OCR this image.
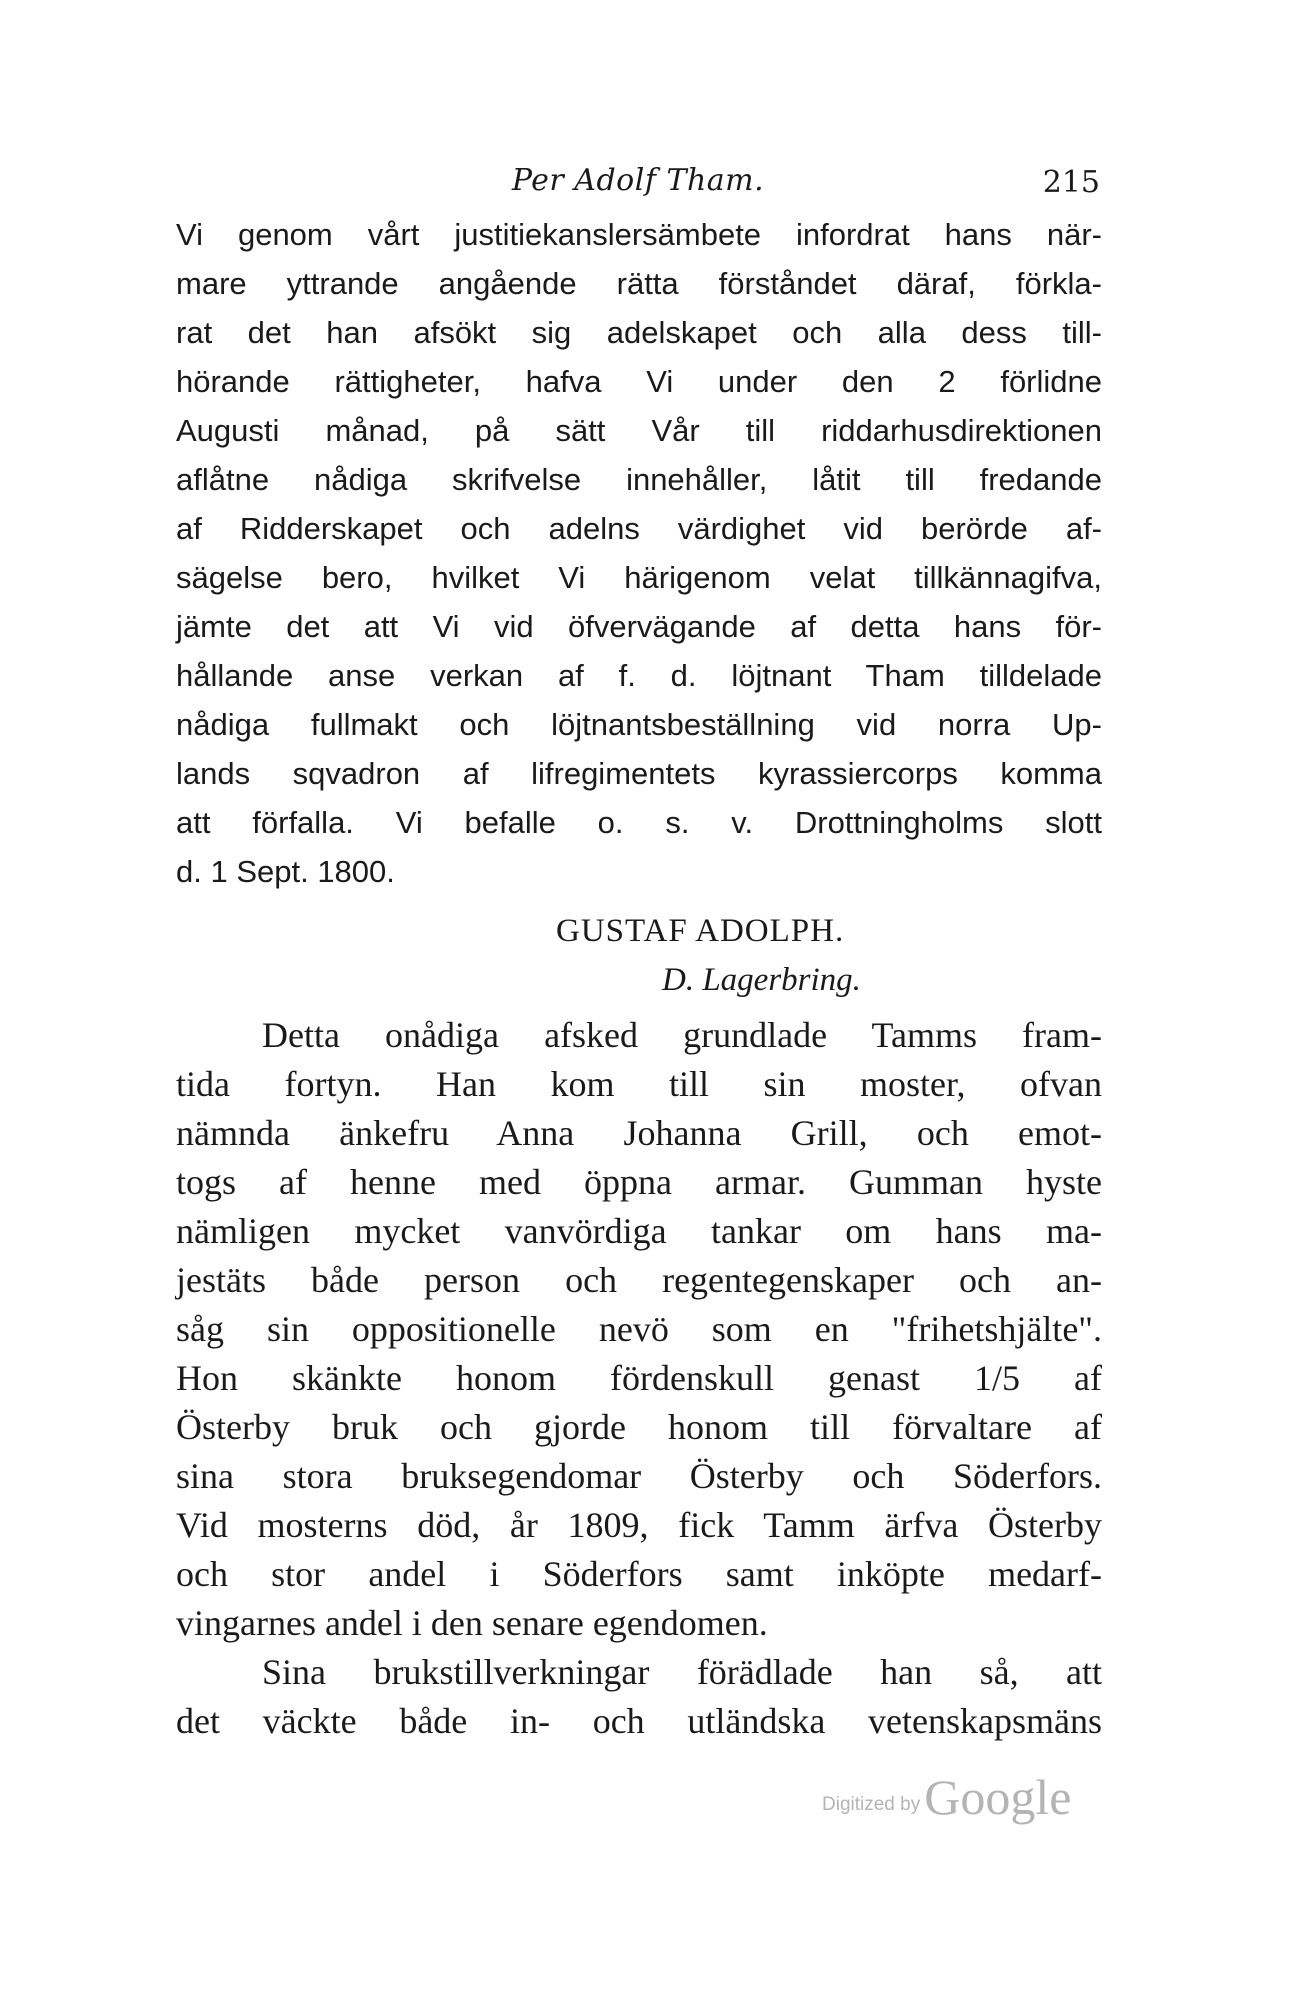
Per Adolf Tham.	215
Vi genom vårt justitiekanslersämbete infordrat hans när-
mare yttrande angående rätta förståndet däraf, förkla-
rat det han afsökt sig adelskapet och alla dess till-
hörande rättigheter, hafva Vi under den 2 förlidne
Augusti månad, på sätt Vår till riddarhusdirektionen
aflåtne nådiga skrifvelse innehåller, låtit till fredande
af Ridderskapet och adelns värdighet vid berörde af-
sägelse bero, hvilket Vi härigenom velat tillkännagifva,
jämte det att Vi vid öfvervägande af detta hans för-
hållande anse verkan af f. d. löjtnant Tham tilldelade
nådiga fullmakt och löjtnantsbeställning vid norra Up-
lands sqvadron af lifregimentets kyrassiercorps komma
att förfalla. Vi befalle o. s. v. Drottningholms slott
d. 1 Sept. 1800.
GUSTAF ADOLPH.
D. Lagerbring.
Detta onådiga afsked grundlade Tamms fram-
tida fortyn. Han kom till sin moster, ofvan
nämnda änkefru Anna Johanna Grill, och emot-
togs af henne med öppna armar. Gumman hyste
nämligen mycket vanvördiga tankar om hans ma-
jestäts både person och regentegenskaper och an-
såg sin oppositionelle nevö som en "frihetshjälte".
Hon skänkte honom fördenskull genast 1/5 af
Österby bruk och gjorde honom till förvaltare af
sina stora bruksegendomar Österby och Söderfors.
Vid mosterns död, år 1809, fick Tamm ärfva Österby
och stor andel i Söderfors samt inköpte medarf-
vingarnes andel i den senare egendomen.
Sina brukstillverkningar förädlade han så, att
det väckte både in- och utländska vetenskapsmäns
Digitized by Google
